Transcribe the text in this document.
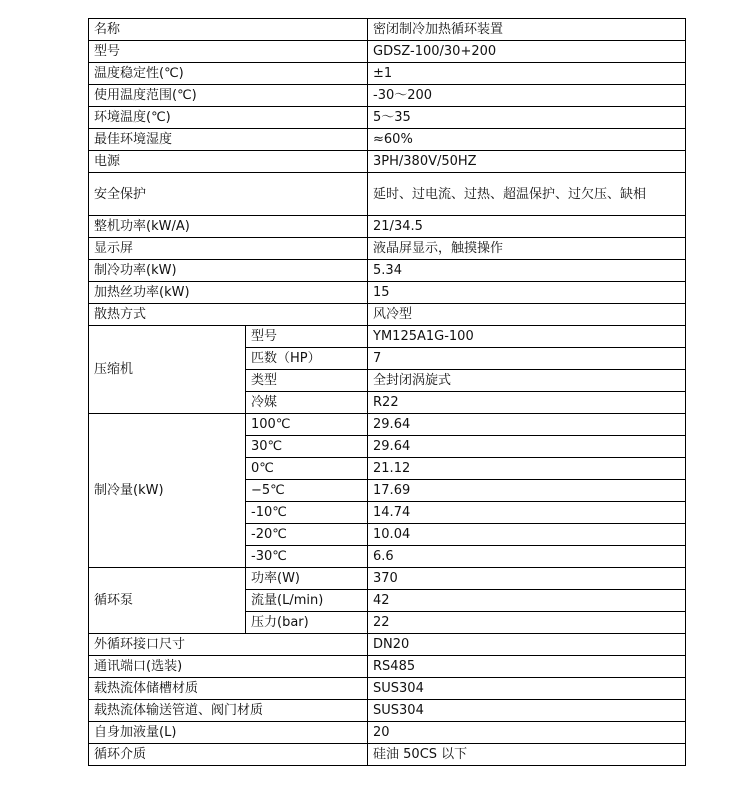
名称		密闭制冷加热循环装置
型号		GDSZ-100/30+200
温度稳定性(℃)		±1
使用温度范围(℃)		-30～200
环境温度(℃)		5～35
最佳环境湿度		≈60%
电源		3PH/380V/50HZ
安全保护		延时、过电流、过热、超温保护、过欠压、缺相
整机功率(kW/A)		21/34.5
显示屏		液晶屏显示，触摸操作
制冷功率(kW)		5.34
加热丝功率(kW)		15
散热方式		风冷型
压缩机	型号	YM125A1G-100
	匹数（HP）	7
	类型	全封闭涡旋式
	冷媒	R22
制冷量(kW)	100℃	29.64
	30℃	29.64
	0℃	21.12
	−5℃	17.69
	-10℃	14.74
	-20℃	10.04
	-30℃	6.6
循环泵	功率(W)	370
	流量(L/min)	42
	压力(bar)	22
外循环接口尺寸		DN20
通讯端口(选装)		RS485
载热流体储槽材质		SUS304
载热流体输送管道、阀门材质		SUS304
自身加液量(L)		20
循环介质		硅油 50CS 以下
